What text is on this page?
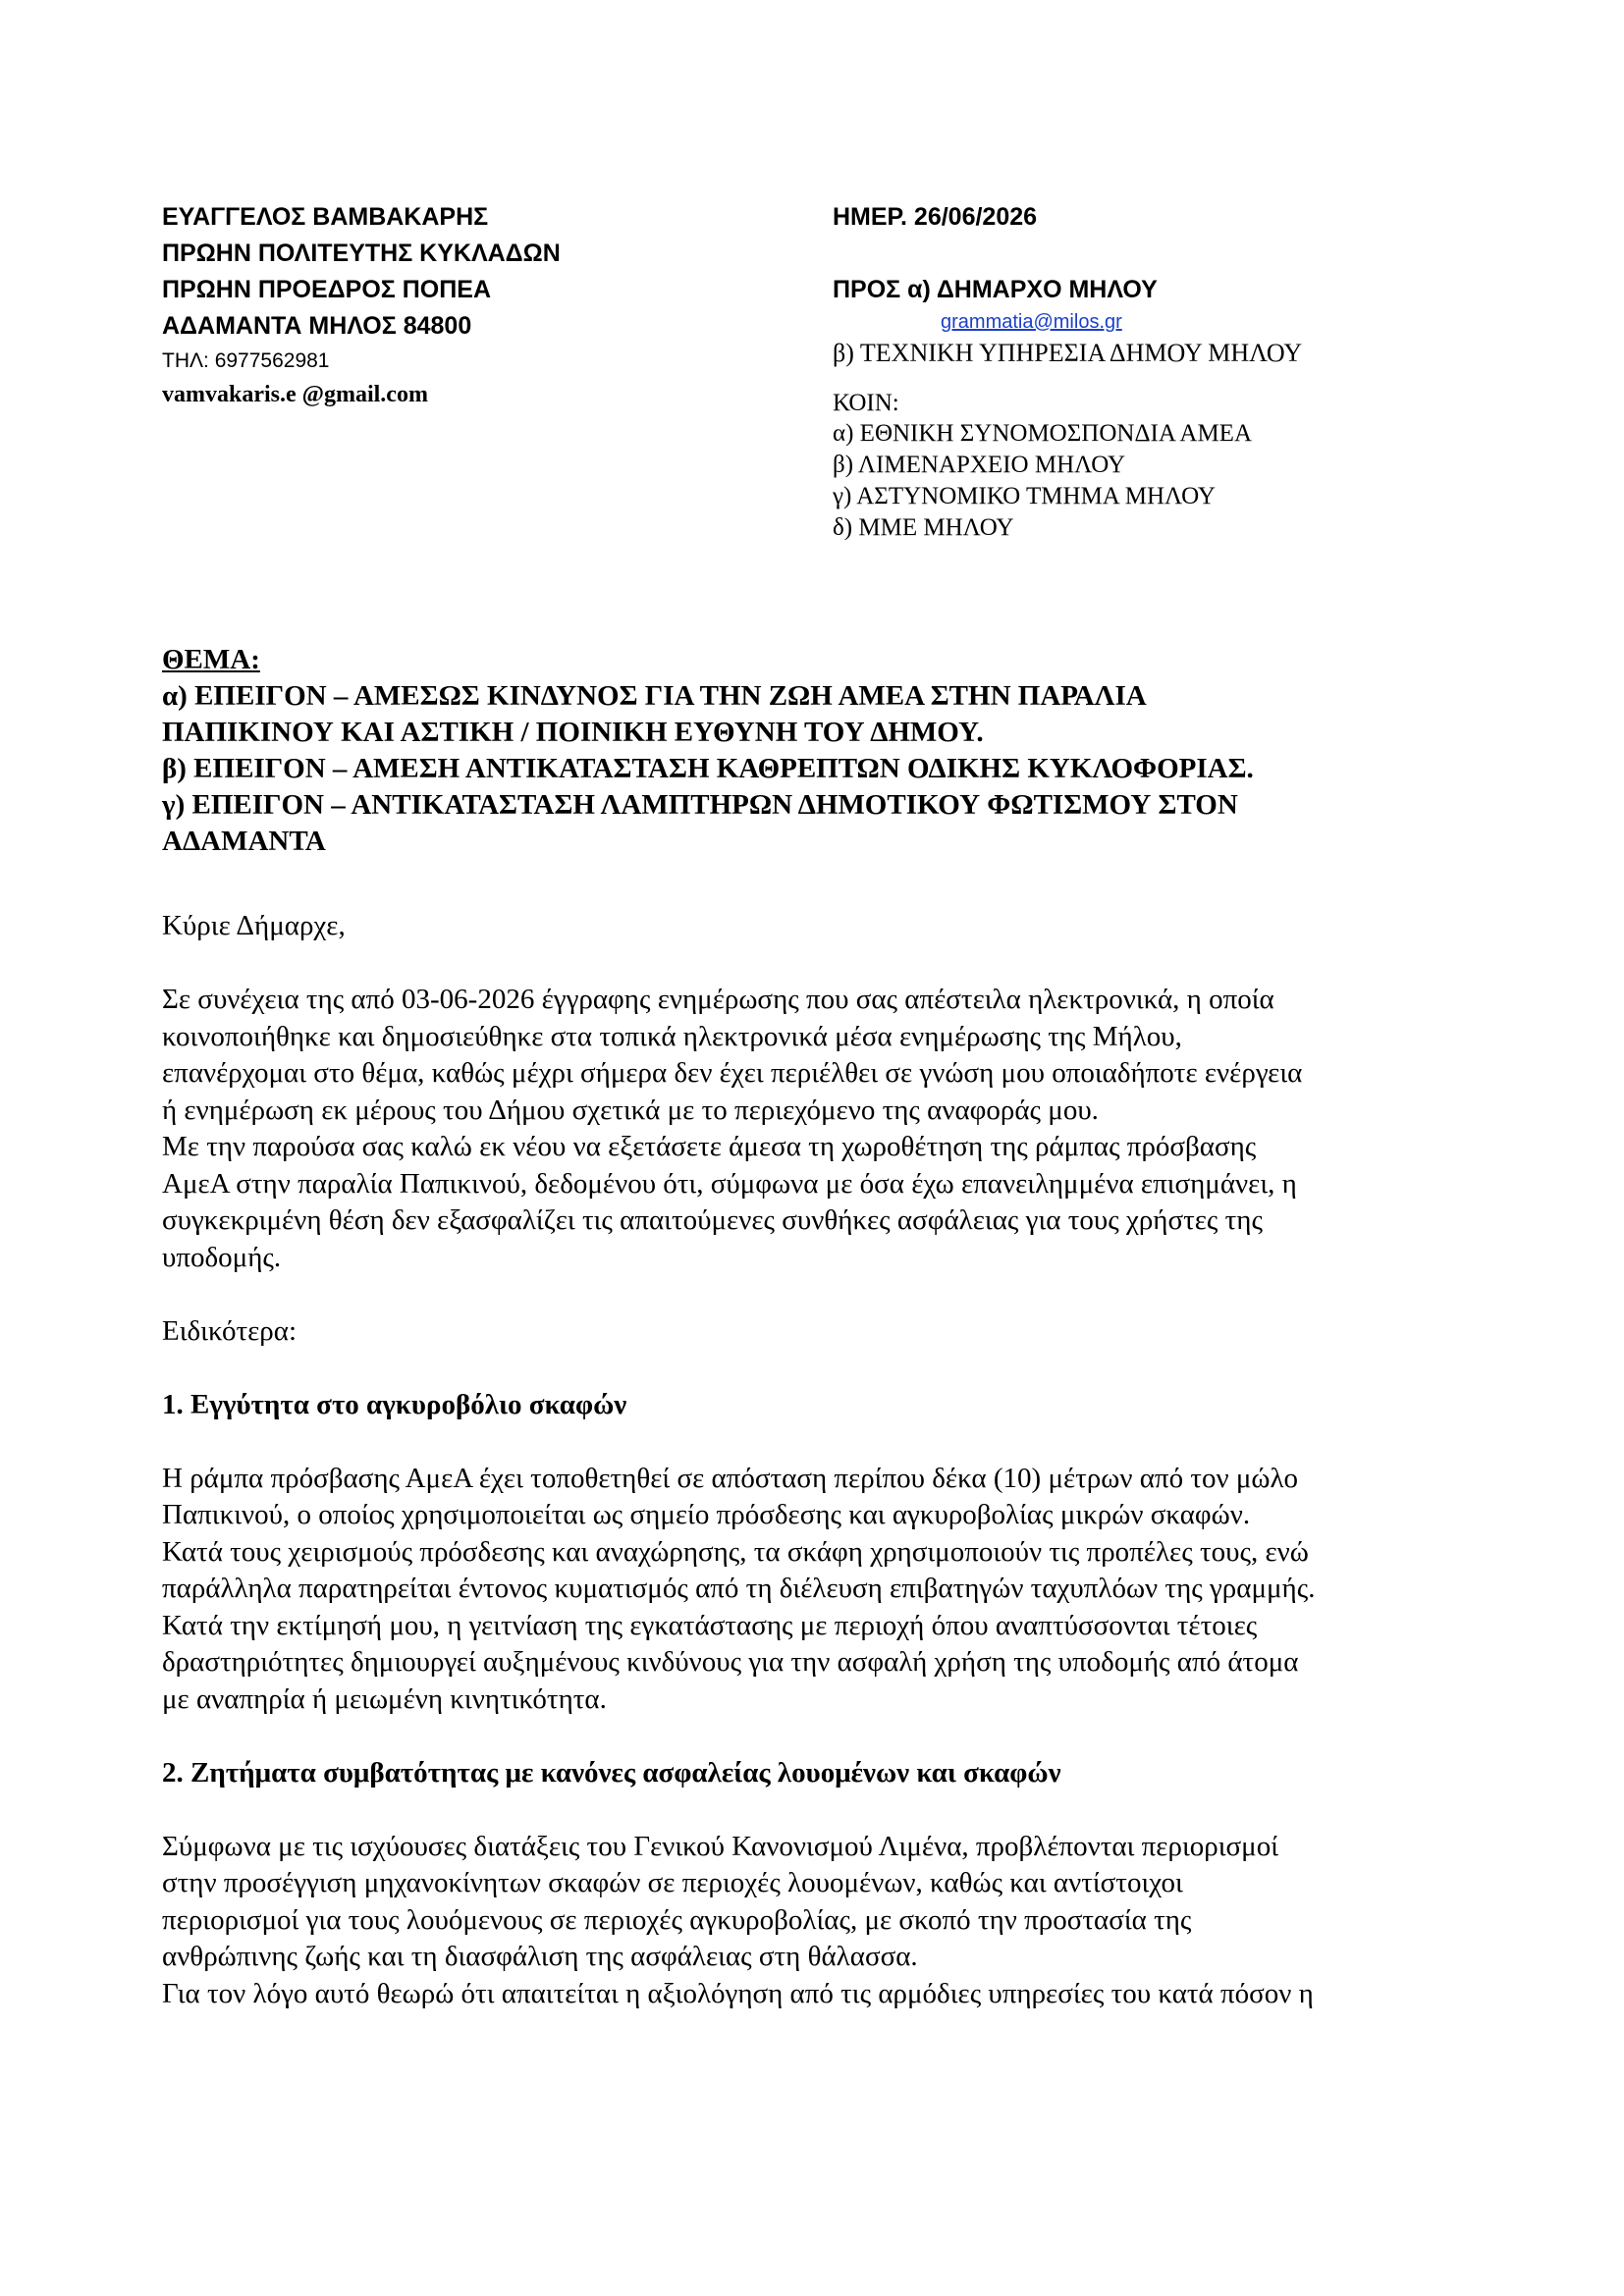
ΕΥΑΓΓΕΛΟΣ ΒΑΜΒΑΚΑΡΗΣ
ΠΡΩΗΝ ΠΟΛΙΤΕΥΤΗΣ ΚΥΚΛΑΔΩΝ
ΠΡΩΗΝ ΠΡΟΕΔΡΟΣ ΠΟΠΕΑ
ΑΔΑΜΑΝΤΑ ΜΗΛΟΣ 84800
ΤΗΛ: 6977562981
vamvakaris.e @gmail.com
ΗΜΕΡ. 26/06/2026
ΠΡΟΣ α) ΔΗΜΑΡΧΟ ΜΗΛΟΥ
grammatia@milos.gr
β) ΤΕΧΝΙΚΗ ΥΠΗΡΕΣΙΑ ΔΗΜΟΥ ΜΗΛΟΥ
ΚΟΙΝ:
α) ΕΘΝΙΚΗ ΣΥΝΟΜΟΣΠΟΝΔΙΑ ΑΜΕΑ
β) ΛΙΜΕΝΑΡΧΕΙΟ ΜΗΛΟΥ
γ) ΑΣΤΥΝΟΜΙΚΟ ΤΜΗΜΑ ΜΗΛΟΥ
δ) ΜΜΕ ΜΗΛΟΥ
ΘΕΜΑ:
α) ΕΠΕΙΓΟΝ – ΑΜΕΣΩΣ ΚΙΝΔΥΝΟΣ ΓΙΑ ΤΗΝ ΖΩΗ ΑΜΕΑ ΣΤΗΝ ΠΑΡΑΛΙΑ
ΠΑΠΙΚΙΝΟΥ ΚΑΙ ΑΣΤΙΚΗ / ΠΟΙΝΙΚΗ ΕΥΘΥΝΗ ΤΟΥ ΔΗΜΟΥ.
β) ΕΠΕΙΓΟΝ – ΑΜΕΣΗ ΑΝΤΙΚΑΤΑΣΤΑΣΗ ΚΑΘΡΕΠΤΩΝ ΟΔΙΚΗΣ ΚΥΚΛΟΦΟΡΙΑΣ.
γ) ΕΠΕΙΓΟΝ – ΑΝΤΙΚΑΤΑΣΤΑΣΗ ΛΑΜΠΤΗΡΩΝ ΔΗΜΟΤΙΚΟΥ ΦΩΤΙΣΜΟΥ ΣΤΟΝ
ΑΔΑΜΑΝΤΑ
Κύριε Δήμαρχε,
Σε συνέχεια της από 03-06-2026 έγγραφης ενημέρωσης που σας απέστειλα ηλεκτρονικά, η οποία
κοινοποιήθηκε και δημοσιεύθηκε στα τοπικά ηλεκτρονικά μέσα ενημέρωσης της Μήλου,
επανέρχομαι στο θέμα, καθώς μέχρι σήμερα δεν έχει περιέλθει σε γνώση μου οποιαδήποτε ενέργεια
ή ενημέρωση εκ μέρους του Δήμου σχετικά με το περιεχόμενο της αναφοράς μου.
Με την παρούσα σας καλώ εκ νέου να εξετάσετε άμεσα τη χωροθέτηση της ράμπας πρόσβασης
ΑμεΑ στην παραλία Παπικινού, δεδομένου ότι, σύμφωνα με όσα έχω επανειλημμένα επισημάνει, η
συγκεκριμένη θέση δεν εξασφαλίζει τις απαιτούμενες συνθήκες ασφάλειας για τους χρήστες της
υποδομής.
Ειδικότερα:
1. Εγγύτητα στο αγκυροβόλιο σκαφών
Η ράμπα πρόσβασης ΑμεΑ έχει τοποθετηθεί σε απόσταση περίπου δέκα (10) μέτρων από τον μώλο
Παπικινού, ο οποίος χρησιμοποιείται ως σημείο πρόσδεσης και αγκυροβολίας μικρών σκαφών.
Κατά τους χειρισμούς πρόσδεσης και αναχώρησης, τα σκάφη χρησιμοποιούν τις προπέλες τους, ενώ
παράλληλα παρατηρείται έντονος κυματισμός από τη διέλευση επιβατηγών ταχυπλόων της γραμμής.
Κατά την εκτίμησή μου, η γειτνίαση της εγκατάστασης με περιοχή όπου αναπτύσσονται τέτοιες
δραστηριότητες δημιουργεί αυξημένους κινδύνους για την ασφαλή χρήση της υποδομής από άτομα
με αναπηρία ή μειωμένη κινητικότητα.
2. Ζητήματα συμβατότητας με κανόνες ασφαλείας λουομένων και σκαφών
Σύμφωνα με τις ισχύουσες διατάξεις του Γενικού Κανονισμού Λιμένα, προβλέπονται περιορισμοί
στην προσέγγιση μηχανοκίνητων σκαφών σε περιοχές λουομένων, καθώς και αντίστοιχοι
περιορισμοί για τους λουόμενους σε περιοχές αγκυροβολίας, με σκοπό την προστασία της
ανθρώπινης ζωής και τη διασφάλιση της ασφάλειας στη θάλασσα.
Για τον λόγο αυτό θεωρώ ότι απαιτείται η αξιολόγηση από τις αρμόδιες υπηρεσίες του κατά πόσον η
